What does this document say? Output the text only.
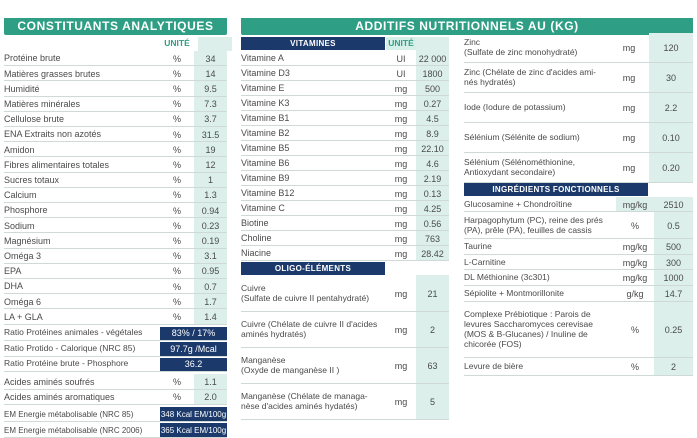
CONSTITUANTS ANALYTIQUES
UNITÉ
Protéine brute	%	34
Matières grasses brutes	%	14
Humidité	%	9.5
Matières minérales	%	7.3
Cellulose brute	%	3.7
ENA Extraits non azotés	%	31.5
Amidon	%	19
Fibres alimentaires totales	%	12
Sucres totaux	%	1
Calcium	%	1.3
Phosphore	%	0.94
Sodium	%	0.23
Magnésium	%	0.19
Oméga 3	%	3.1
EPA	%	0.95
DHA	%	0.7
Oméga 6	%	1.7
LA + GLA	%	1.4
Ratio Protéines animales - végétales	83% / 17%
Ratio Protido - Calorique (NRC 85)	97.7g /Mcal
Ratio Protéine brute - Phosphore	36.2
Acides aminés soufrés	%	1.1
Acides aminés aromatiques	%	2.0
EM Energie métabolisable (NRC 85)	348 Kcal EM/100g
EM Energie métabolisable (NRC 2006)	365 Kcal EM/100g
ADDITIFS NUTRITIONNELS AU (KG)
VITAMINES	UNITÉ
Vitamine A	UI	22 000
Vitamine D3	UI	1800
Vitamine E	mg	500
Vitamine K3	mg	0.27
Vitamine B1	mg	4.5
Vitamine B2	mg	8.9
Vitamine B5	mg	22.10
Vitamine B6	mg	4.6
Vitamine B9	mg	2.19
Vitamine B12	mg	0.13
Vitamine C	mg	4.25
Biotine	mg	0.56
Choline	mg	763
Niacine	mg	28.42
OLIGO-ÉLÉMENTS
Cuivre
(Sulfate de cuivre II pentahydraté)	mg	21
Cuivre (Chélate de cuivre II d'acides
aminés hydratés)	mg	2
Manganèse
(Oxyde de manganèse II )	mg	63
Manganèse (Chélate de managa-
nèse d'acides aminés hydatés)	mg	5
Zinc
(Sulfate de zinc monohydraté)	mg	120
Zinc (Chélate de zinc d'acides ami-
nés hydratés)	mg	30
Iode (Iodure de potassium)	mg	2.2
Sélénium (Sélénite de sodium)	mg	0.10
Sélénium (Sélénométhionine,
Antioxydant secondaire)	mg	0.20
INGRÉDIENTS FONCTIONNELS
Glucosamine + Chondroïtine	mg/kg	2510
Harpagophytum (PC), reine des prés
(PA), prêle (PA), feuilles de cassis	%	0.5
Taurine	mg/kg	500
L-Carnitine	mg/kg	300
DL Méthionine (3c301)	mg/kg	1000
Sépiolite + Montmorillonite	g/kg	14.7
Complexe Prébiotique : Parois de
levures Saccharomyces cerevisae
(MOS & B-Glucanes) / Inuline de
chicorée (FOS)
%	0.25
Levure de bière	%	2
